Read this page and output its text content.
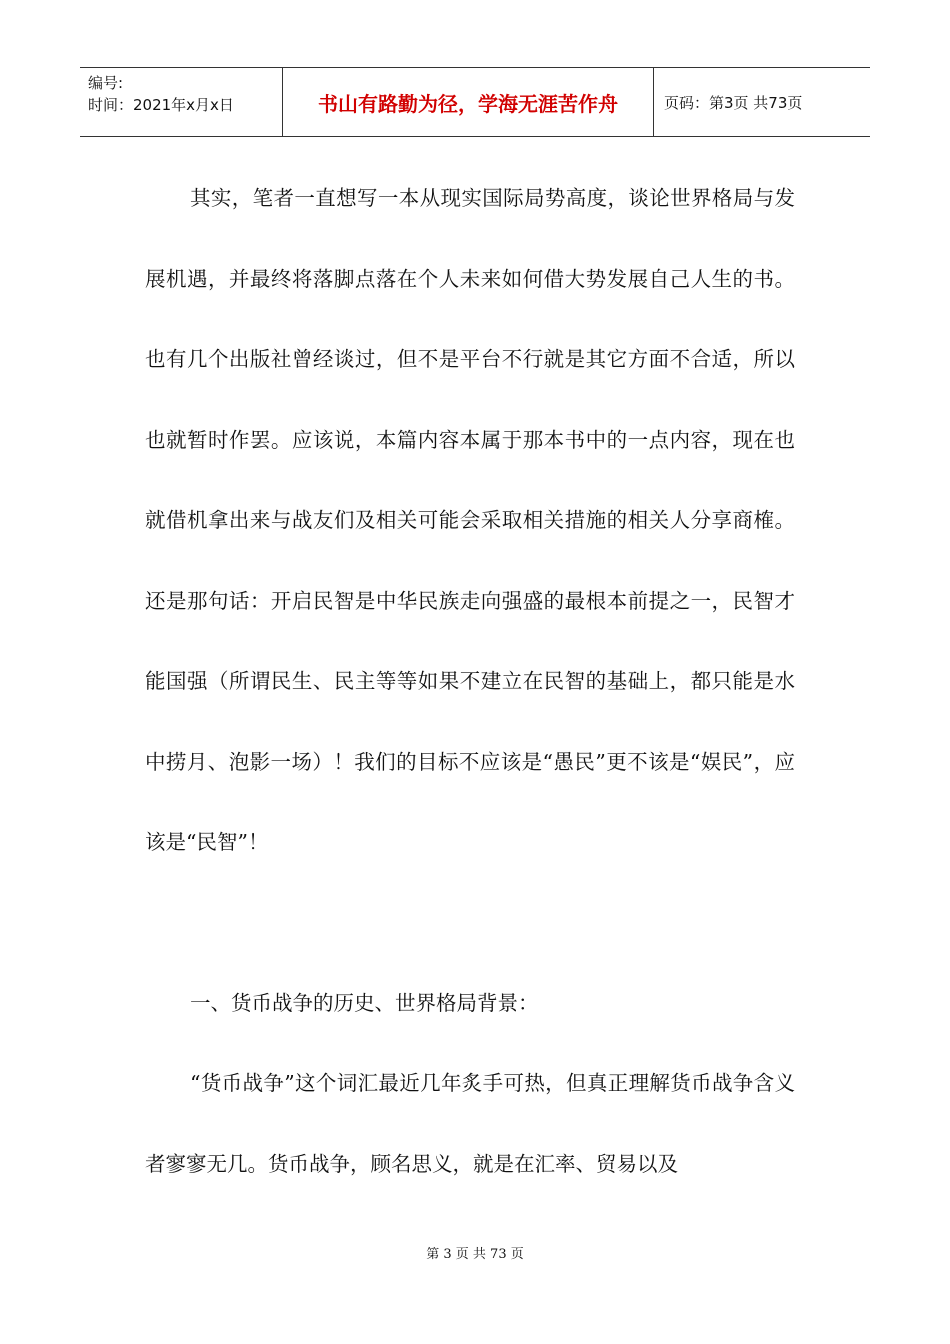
编号:
时间：2021年x月x日	书山有路勤为径，学海无涯苦作舟	页码：第3页 共73页

其实，笔者一直想写一本从现实国际局势高度，谈论世界格局与发展机遇，并最终将落脚点落在个人未来如何借大势发展自己人生的书。也有几个出版社曾经谈过，但不是平台不行就是其它方面不合适，所以也就暂时作罢。应该说，本篇内容本属于那本书中的一点内容，现在也就借机拿出来与战友们及相关可能会采取相关措施的相关人分享商榷。还是那句话：开启民智是中华民族走向强盛的最根本前提之一，民智才能国强（所谓民生、民主等等如果不建立在民智的基础上，都只能是水中捞月、泡影一场）！我们的目标不应该是“愚民”更不该是“娱民”，应该是“民智”！

一、货币战争的历史、世界格局背景：

“货币战争”这个词汇最近几年炙手可热，但真正理解货币战争含义者寥寥无几。货币战争，顾名思义，就是在汇率、贸易以及

第 3 页 共 73 页
